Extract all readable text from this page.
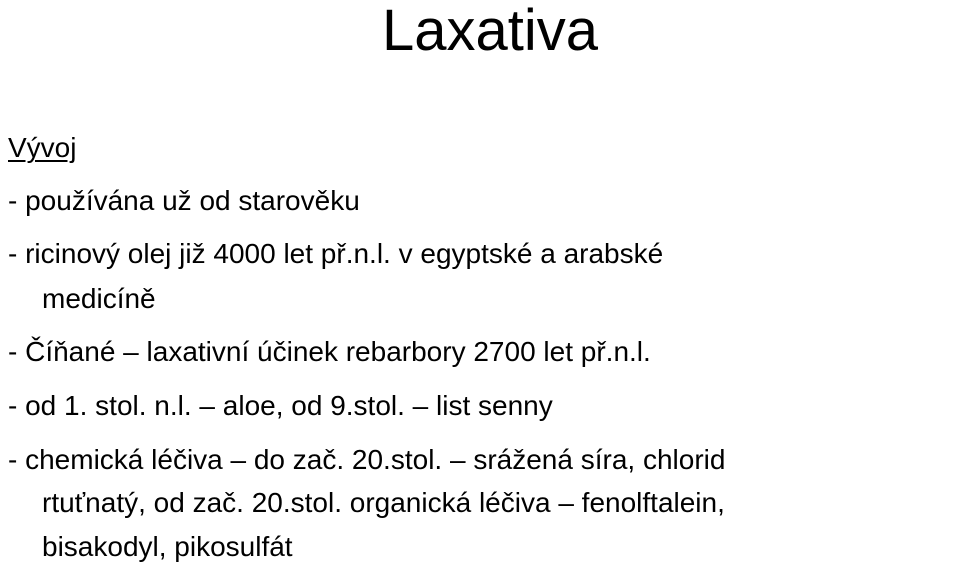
Laxativa
Vývoj
- používána už od starověku
- ricinový olej již 4000 let př.n.l. v egyptské a arabské
medicíně
- Číňané – laxativní účinek rebarbory 2700 let př.n.l.
- od 1. stol. n.l. – aloe, od 9.stol. – list senny
- chemická léčiva – do zač. 20.stol. – srážená síra, chlorid
rtuťnatý, od zač. 20.stol. organická léčiva – fenolftalein,
bisakodyl, pikosulfát
